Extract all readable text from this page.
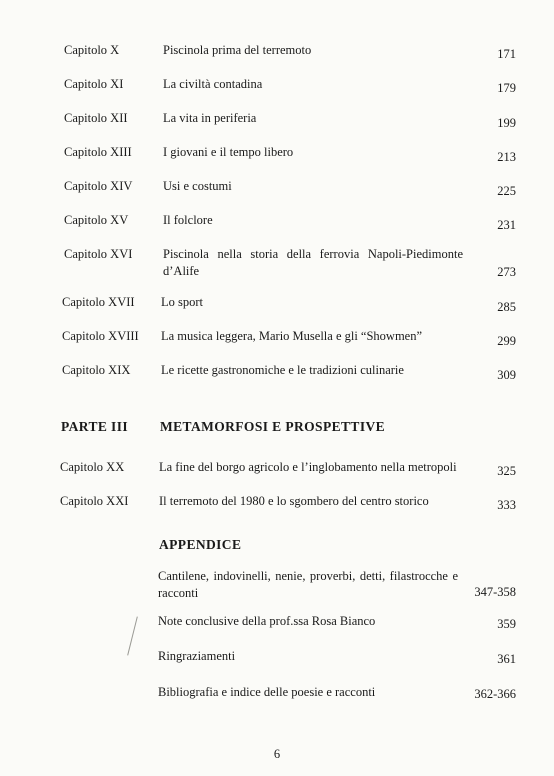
Capitolo X	Piscinola prima del terremoto	171
Capitolo XI	La civiltà contadina	179
Capitolo XII	La vita in periferia	199
Capitolo XIII	I giovani e il tempo libero	213
Capitolo XIV Usi e costumi	225
Capitolo XV	Il folclore	231
Capitolo XVI Piscinola nella storia della ferrovia Napoli-Piedimonte d’Alife	273
Capitolo XVII Lo sport	285
Capitolo XVIII La musica leggera, Mario Musella e gli “Showmen”	299
Capitolo XIX Le ricette gastronomiche e le tradizioni culinarie	309
PARTE III METAMORFOSI E PROSPETTIVE
Capitolo XX	La fine del borgo agricolo e l’inglobamento nella metropoli	325
Capitolo XXI Il terremoto del 1980 e lo sgombero del centro storico	333
APPENDICE
Cantilene, indovinelli, nenie, proverbi, detti, filastrocche e racconti	347-358
Note conclusive della prof.ssa Rosa Bianco	359
Ringraziamenti	361
Bibliografia e indice delle poesie e racconti	362-366
6
